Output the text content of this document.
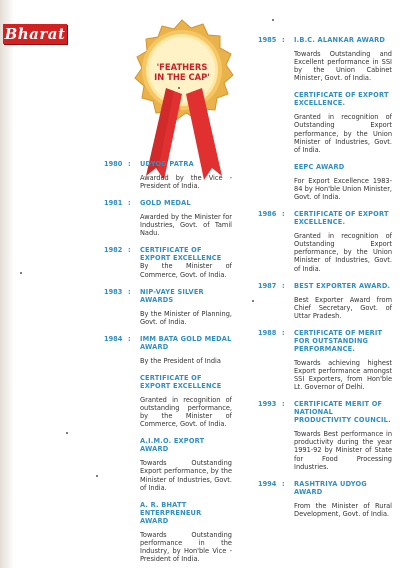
Bharat
'FEATHERS
IN THE CAP'
1980 : UDYOG PATRA
Awarded by the Vice - President of India.
1981 : GOLD MEDAL
Awarded by the Minister for Industries, Govt. of Tamil Nadu.
1982 : CERTIFICATE OF EXPORT EXCELLENCE
By the Minister of Commerce, Govt. of India.
1983 : NIP-VAYE SILVER AWARDS
By the Minister of Planning, Govt. of India.
1984 : IMM BATA GOLD MEDAL AWARD
By the President of India
CERTIFICATE OF EXPORT EXCELLENCE
Granted in recognition of outstanding performance, by the Minister of Commerce, Govt. of India.
A.I.M.O. EXPORT AWARD
Towards Outstanding Export performance, by the Minister of Industries, Govt. of India.
A. R. BHATT ENTERPRENEUR AWARD
Towards Outstanding performance in the Industry, by Hon'ble Vice - President of India.
1985 : I.B.C. ALANKAR AWARD
Towards Outstanding and Excellent performance in SSI by the Union Cabinet Minister, Govt. of India.
CERTIFICATE OF EXPORT EXCELLENCE.
Granted in recognition of Outstanding Export performance, by the Union Minister of Industries, Govt. of India.
EEPC AWARD
For Export Excellence 1983-84 by Hon'ble Union Minister, Govt. of India.
1986 : CERTIFICATE OF EXPORT EXCELLENCE.
Granted in recognition of Outstanding Export performance, by the Union Minister of Industries, Govt. of India.
1987 : BEST EXPORTER AWARD.
Best Exporter Award from Chief Secretary, Govt. of Uttar Pradesh.
1988 : CERTIFICATE OF MERIT FOR OUTSTANDING PERFORMANCE.
Towards achieving highest Export performance amongst SSI Exporters, from Hon'ble Lt. Governor of Delhi.
1993 : CERTIFICATE MERIT OF NATIONAL PRODUCTIVITY COUNCIL.
Towards Best performance in productivity during the year 1991-92 by Minister of State for Food Processing Industries.
1994 : RASHTRIYA UDYOG AWARD
From the Minister of Rural Development, Govt. of India.
